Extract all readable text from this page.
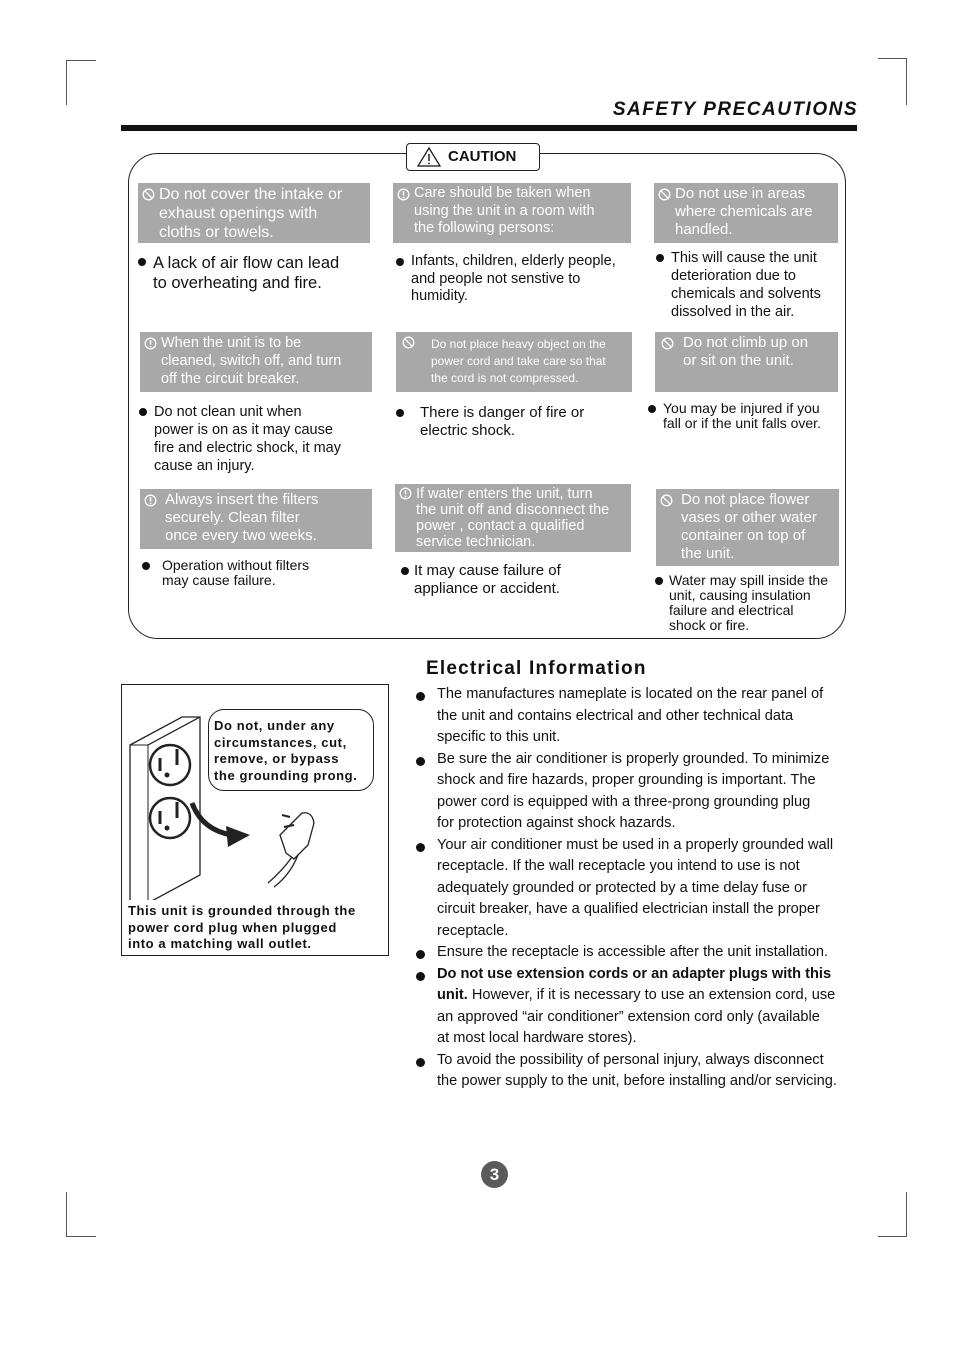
SAFETY PRECAUTIONS
CAUTION
Do not cover the intake or
exhaust openings with
cloths or towels.
A lack of air flow can lead
to overheating and fire.
Care should be taken when
using the unit in a room with
the following persons:
Infants, children, elderly people,
and people not senstive to
humidity.
Do not use in areas
where chemicals are
handled.
This will cause the unit
deterioration due to
chemicals and solvents
dissolved in the air.
When the unit is to be
cleaned, switch off, and turn
off the circuit breaker.
Do not clean unit when
power is on as it may cause
fire and electric shock, it may
cause an injury.
Do not place heavy object on the
power cord and take care so that
the cord is not compressed.
There is danger of fire or
electric shock.
Do not climb up on
or sit on the unit.
You may be injured if you
fall or if the unit falls over.
Always insert the filters
securely. Clean filter
once every two weeks.
Operation without filters
may cause failure.
If water enters the unit, turn
the unit off and disconnect the
power , contact a qualified
service technician.
It may cause failure of
appliance or accident.
Do not place flower
vases or other water
container on top of
the unit.
Water may spill inside the
unit, causing insulation
failure and electrical
shock or fire.
Do not, under any
circumstances, cut,
remove, or bypass
the grounding prong.
This unit is grounded through the
power cord plug when plugged
into a matching wall outlet.
Electrical Information
The manufactures nameplate is located on the rear panel of
the unit and contains electrical and other technical data
specific to this unit.
Be sure the air conditioner is properly grounded. To minimize
shock and fire hazards, proper grounding is important. The
power cord is equipped with a three-prong grounding plug
for protection against shock hazards.
Your air conditioner must be used in a properly grounded wall
receptacle. If the wall receptacle you intend to use is not
adequately grounded or protected by a time delay fuse or
circuit breaker, have a qualified electrician install the proper
receptacle.
Ensure the receptacle is accessible after the unit installation.
Do not use extension cords or an adapter plugs with this
unit. However, if it is necessary to use an extension cord, use
an approved “air conditioner” extension cord only (available
at most local hardware stores).
To avoid the possibility of personal injury, always disconnect
the power supply to the unit, before installing and/or servicing.
3
